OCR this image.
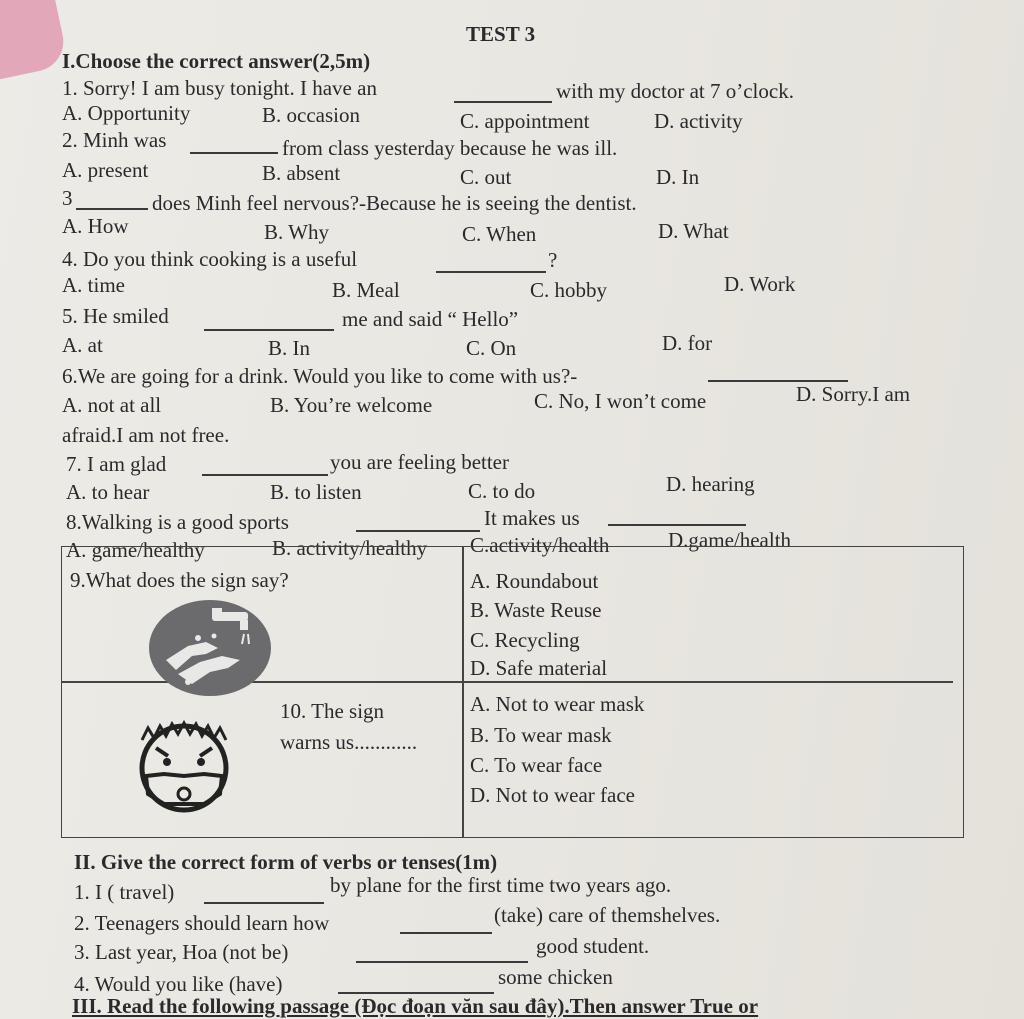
TEST 3
I.Choose the correct answer(2,5m)
1. Sorry! I am busy tonight. I have an	with my doctor at 7 o’clock.
A. Opportunity	B. occasion	C. appointment	D. activity
2. Minh was	from class yesterday because he was ill.
A. present	B. absent	C. out	D. In
3	does Minh feel nervous?-Because he is seeing the dentist.
A. How	B. Why	C. When	D. What
4. Do you think cooking is a useful	?
A. time	B. Meal	C. hobby	D. Work
5. He smiled	me and said “ Hello”
A. at	B. In	C. On	D. for
6.We are going for a drink. Would you like to come with us?-
A. not at all	B. You’re welcome	C. No, I won’t come	D. Sorry.I am
afraid.I am not free.
7. I am glad	you are feeling better
A. to hear	B. to listen	C. to do	D. hearing
8.Walking is a good sports	It makes us
A. game/healthy	B. activity/healthy C.activity/health	D.game/health
9.What does the sign say?	A. Roundabout
B. Waste Reuse
C. Recycling
D. Safe material
10. The sign
warns us............
A. Not to wear mask
B. To wear mask
C. To wear face
D. Not to wear face
II. Give the correct form of verbs or tenses(1m)
1. I ( travel)	by plane for the first time two years ago.
2. Teenagers should learn how	(take) care of themshelves.
3. Last year, Hoa (not be)	good student.
4. Would you like (have)	some chicken
III. Read the following passage (Đọc đoạn văn sau đây).Then answer True or
